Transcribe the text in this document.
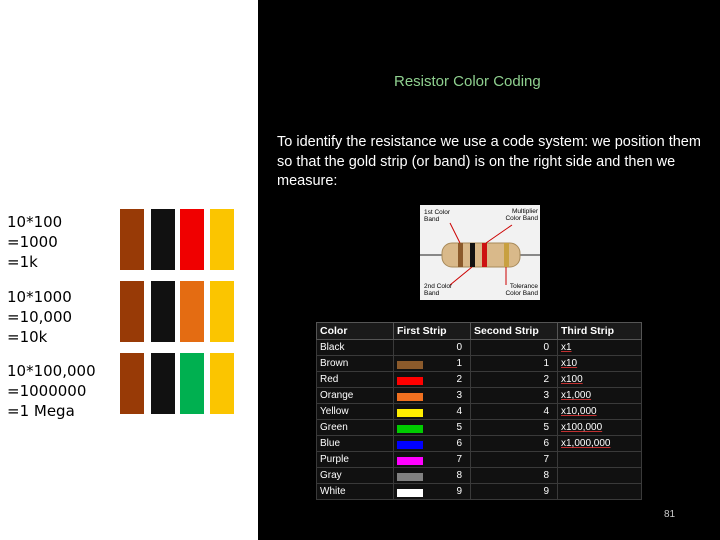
10*100
=1000
=1k
10*1000
=10,000
=10k
10*100,000
=1000000
=1 Mega
Resistor Color Coding
To identify the resistance we use a code system: we position them so that the gold strip (or band) is on the right side and then we measure:
1st Color Band
Multiplier Color Band
2nd Color Band
Tolerance Color Band
Color	First Strip	Second Strip	Third Strip
Black	0	0	x1
Brown	1	1	x10
Red	2	2	x100
Orange	3	3	x1,000
Yellow	4	4	x10,000
Green	5	5	x100,000
Blue	6	6	x1,000,000
Purple	7	7	
Gray	8	8	
White	9	9	
81
